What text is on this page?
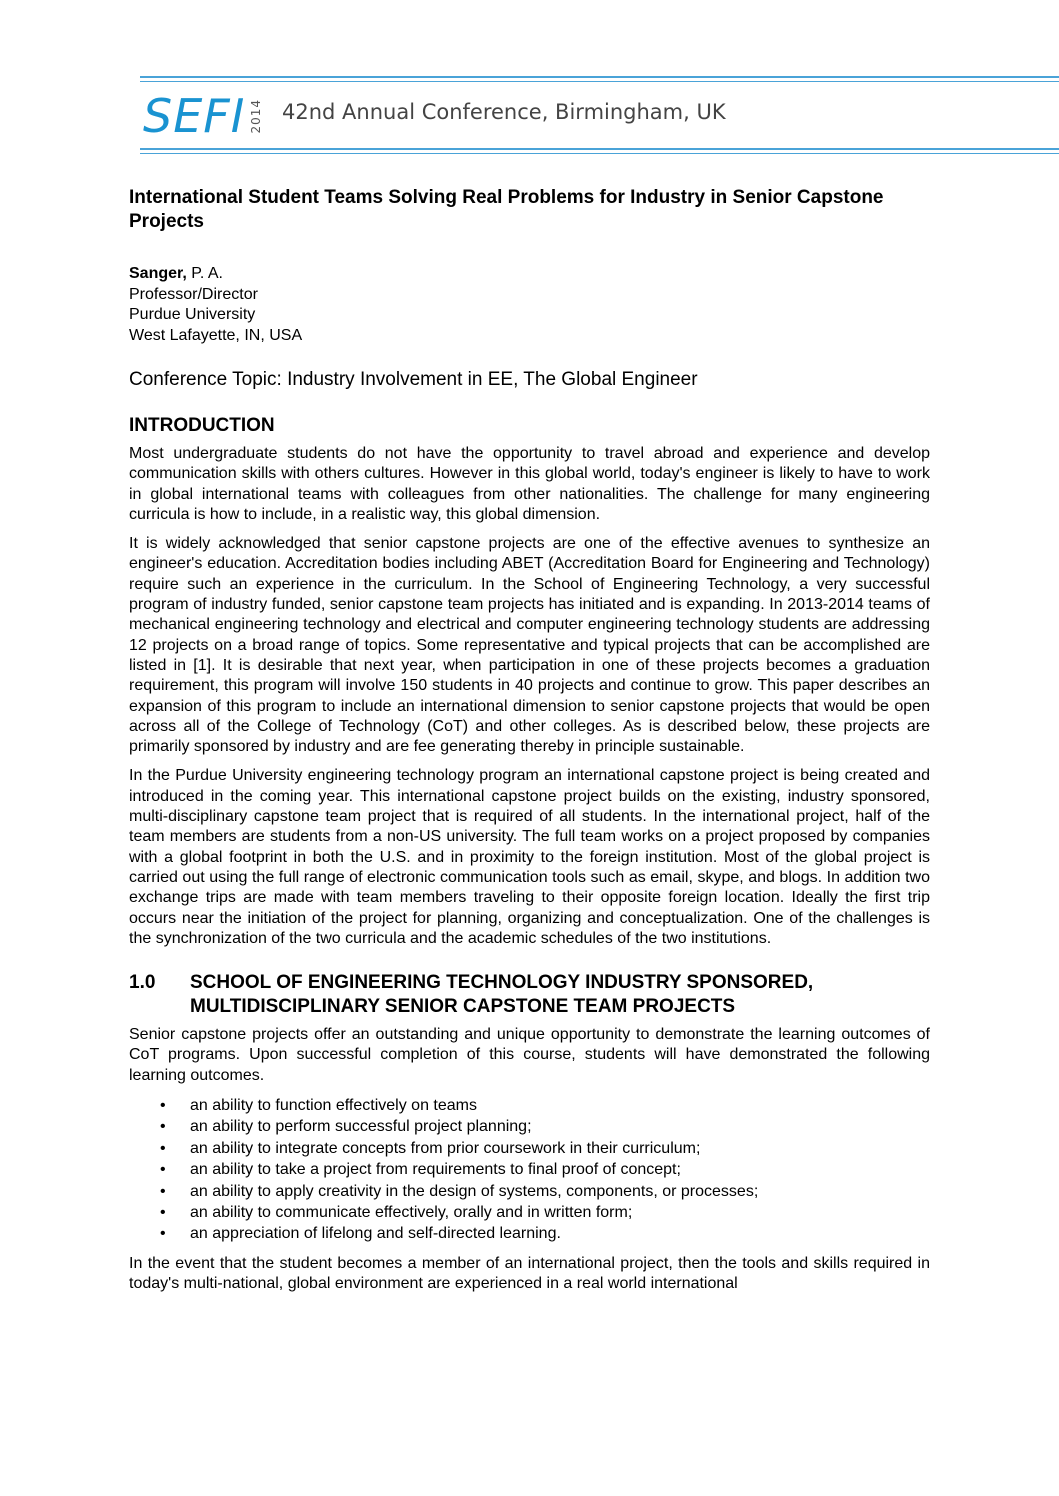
SEFI 2014 42nd Annual Conference, Birmingham, UK
International Student Teams Solving Real Problems for Industry in Senior Capstone Projects
Sanger, P. A.
Professor/Director
Purdue University
West Lafayette, IN, USA
Conference Topic: Industry Involvement in EE, The Global Engineer
INTRODUCTION

Most undergraduate students do not have the opportunity to travel abroad and experience and develop communication skills with others cultures. However in this global world, today's engineer is likely to have to work in global international teams with colleagues from other nationalities. The challenge for many engineering curricula is how to include, in a realistic way, this global dimension.

It is widely acknowledged that senior capstone projects are one of the effective avenues to synthesize an engineer's education. Accreditation bodies including ABET (Accreditation Board for Engineering and Technology) require such an experience in the curriculum. In the School of Engineering Technology, a very successful program of industry funded, senior capstone team projects has initiated and is expanding. In 2013-2014 teams of mechanical engineering technology and electrical and computer engineering technology students are addressing 12 projects on a broad range of topics. Some representative and typical projects that can be accomplished are listed in [1]. It is desirable that next year, when participation in one of these projects becomes a graduation requirement, this program will involve 150 students in 40 projects and continue to grow. This paper describes an expansion of this program to include an international dimension to senior capstone projects that would be open across all of the College of Technology (CoT) and other colleges. As is described below, these projects are primarily sponsored by industry and are fee generating thereby in principle sustainable.

In the Purdue University engineering technology program an international capstone project is being created and introduced in the coming year. This international capstone project builds on the existing, industry sponsored, multi-disciplinary capstone team project that is required of all students. In the international project, half of the team members are students from a non-US university. The full team works on a project proposed by companies with a global footprint in both the U.S. and in proximity to the foreign institution. Most of the global project is carried out using the full range of electronic communication tools such as email, skype, and blogs. In addition two exchange trips are made with team members traveling to their opposite foreign location. Ideally the first trip occurs near the initiation of the project for planning, organizing and conceptualization. One of the challenges is the synchronization of the two curricula and the academic schedules of the two institutions.

1.0	SCHOOL OF ENGINEERING TECHNOLOGY INDUSTRY SPONSORED, MULTIDISCIPLINARY SENIOR CAPSTONE TEAM PROJECTS

Senior capstone projects offer an outstanding and unique opportunity to demonstrate the learning outcomes of CoT programs. Upon successful completion of this course, students will have demonstrated the following learning outcomes.

• an ability to function effectively on teams
• an ability to perform successful project planning;
• an ability to integrate concepts from prior coursework in their curriculum;
• an ability to take a project from requirements to final proof of concept;
• an ability to apply creativity in the design of systems, components, or processes;
• an ability to communicate effectively, orally and in written form;
• an appreciation of lifelong and self-directed learning.

In the event that the student becomes a member of an international project, then the tools and skills required in today's multi-national, global environment are experienced in a real world international
